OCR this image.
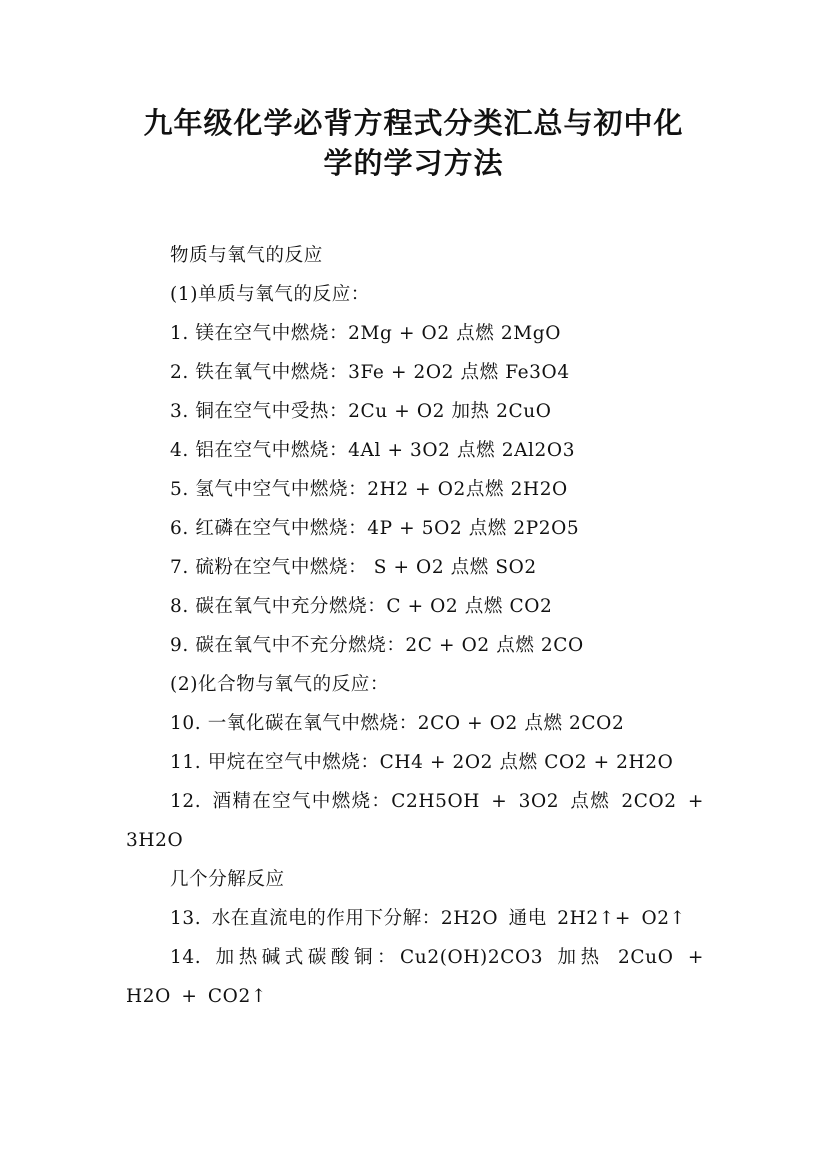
九年级化学必背方程式分类汇总与初中化
学的学习方法
物质与氧气的反应
(1)单质与氧气的反应：
1. 镁在空气中燃烧：2Mg + O2 点燃 2MgO
2. 铁在氧气中燃烧：3Fe + 2O2 点燃 Fe3O4
3. 铜在空气中受热：2Cu + O2 加热 2CuO
4. 铝在空气中燃烧：4Al + 3O2 点燃 2Al2O3
5. 氢气中空气中燃烧：2H2 + O2点燃 2H2O
6. 红磷在空气中燃烧：4P + 5O2 点燃 2P2O5
7. 硫粉在空气中燃烧： S + O2 点燃 SO2
8. 碳在氧气中充分燃烧：C + O2 点燃 CO2
9. 碳在氧气中不充分燃烧：2C + O2 点燃 2CO
(2)化合物与氧气的反应：
10. 一氧化碳在氧气中燃烧：2CO + O2 点燃 2CO2
11. 甲烷在空气中燃烧：CH4 + 2O2 点燃 CO2 + 2H2O
12. 酒精在空气中燃烧：C2H5OH + 3O2 点燃 2CO2 + 3H2O
几个分解反应
13. 水在直流电的作用下分解：2H2O 通电 2H2↑+ O2↑
14. 加热碱式碳酸铜：Cu2(OH)2CO3 加热 2CuO + H2O + CO2↑
